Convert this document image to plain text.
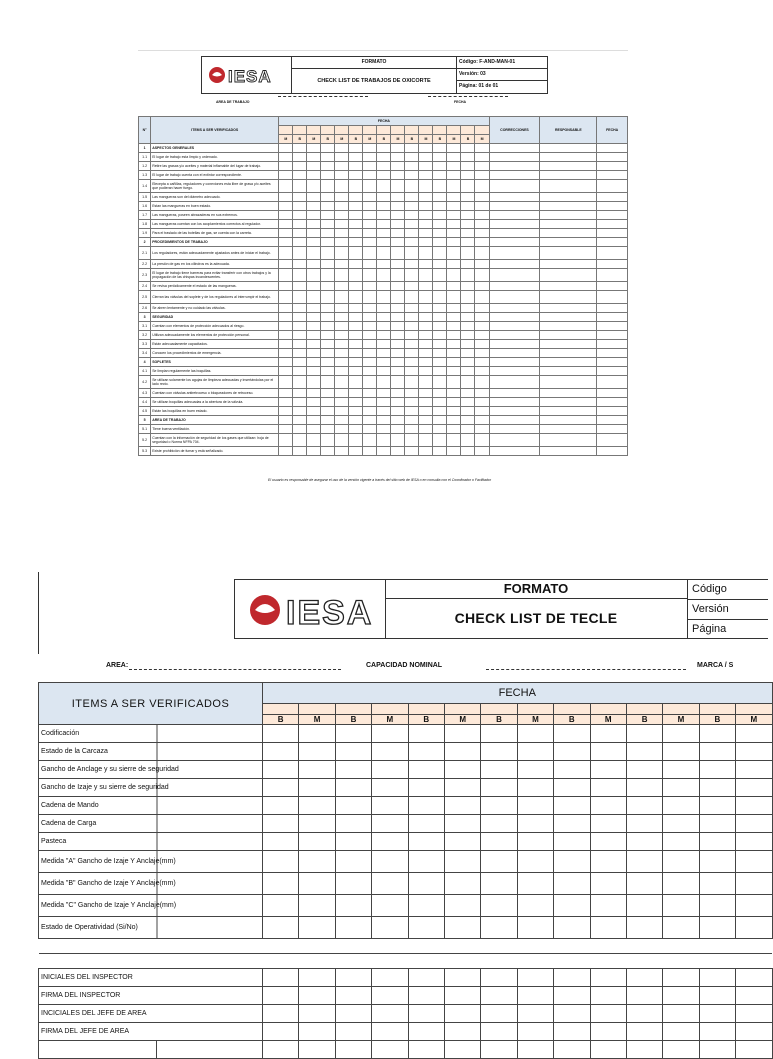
IESA
FORMATO
CHECK LIST DE TRABAJOS DE OXICORTE
Código: F-AND-MAN-01
Versión: 03
Página: 01 de 01
AREA DE TRABAJO	FECHA
N°	ITEMS A SER VERIFICADOS	FECHA															CORRECCIONES	RESPONSABLE	FECHA

		M	B	M	B	M	B	M	B	M	B	M	B	M	B	M			
1	ASPECTOS GENERALES																		
1.1	El lugar de trabajo esta limpio y ordenado.																		
1.2	Retire las grasas y/o aceites y material inflamable del lugar de trabajo.																		
1.3	El lugar de trabajo cuenta con el extintor correspondiente.																		
1.4	Elecepta a cañillas, reguladores y conexiones esta libre de grasa y/o aceites que pudieran hacer fuego.																		
1.5	Las mangueras son del diámetro adecuado.																		
1.6	Estan las mangueras en buen estado.																		
1.7	Las mangueras, poseen abrazaderas en sus extremos.																		
1.8	Las mangueras cuentan con los acoplamientos correctos al regulador.																		
1.9	Para el traslado de las botellas de gas, se cuenta con la carreta.																		
2	PROCEDIMIENTOS DE TRABAJO																		
2.1	Los reguladores, están adecuadamente ajustados antes de iniciar el trabajo.																		
2.2	La presión de gas en los cilindros es la adecuada.																		
2.3	El lugar de trabajo tiene barreras para evitar transferir con otros trabajos y la propagación de las chispas incandescentes.																		
2.4	Se revisa periódicamente el estado de las mangueras.																		
2.5	Cierran las válvulas del soplete y de los reguladores al interrumpir el trabajo.																		
2.6	Se abren lentamente y no cuidado las válvulas.																		
3	SEGURIDAD																		
3.1	Cuentan con elementos de protección adecuados al riesgo.																		
3.2	Utilizan adecuadamente los elementos de protección personal.																		
3.3	Están adecuadamente capacitados.																		
3.4	Conocen los procedimientos de emergencia.																		
4	SOPLETES																		
4.1	Se limpian regularmente las boquillas.																		
4.2	Se utilizan solamente los agujas de limpieza adecuadas y insertándolas por el lado recto.																		
4.3	Cuentan con válvulas antiretroceso o bloqueadores de retroceso.																		
4.4	Se utilizan boquillas adecuadas a la abertura de la válvula.																		
4.5	Están las boquillas en buen estado.																		
5	AREA DE TRABAJO																		
5.1	Tiene buena ventilación.																		
5.2	Cuentan con la información de seguridad de los gases que utilizan: hoja de seguridad o Norma NFPA 704.																		
5.3	Existe prohibición de fumar y está señalizado.																		
El usuario es responsable de asegurar el uso de la versión vigente a través del sitio web de IESA o en consulta con el Coordinador o Facilitador
IESA
FORMATO
CHECK LIST DE TECLE
Código
Versión
Página
AREA:	CAPACIDAD NOMINAL	MARCA / S
ITEMS A SER VERIFICADOS		FECHA													

		B	M	B	M	B	M	B	M	B	M	B	M	B	M
Codificación															
Estado de la Carcaza															
Gancho de Anclage y su sierre de seguridad															
Gancho de Izaje y su sierre de seguridad															
Cadena de Mando															
Cadena de Carga															
Pasteca															
Medida "A" Gancho de Izaje Y Anclaje(mm)															
Medida "B" Gancho de Izaje Y Anclaje(mm)															
Medida "C" Gancho de Izaje Y Anclaje(mm)															
Estado de Operatividad (Si/No)															

INICIALES DEL INSPECTOR															
FIRMA DEL INSPECTOR															
INCICIALES DEL JEFE DE AREA															
FIRMA DEL JEFE DE AREA															
